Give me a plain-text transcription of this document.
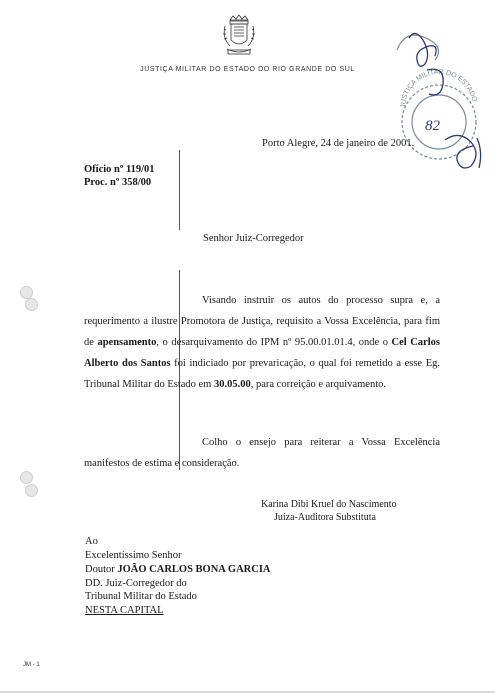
JUSTIÇA MILITAR DO ESTADO DO RIO GRANDE DO SUL
JUSTIÇA MILITAR DO ESTADO
82
Porto Alegre, 24 de janeiro de 2001.
Ofício nº 119/01
Proc. nº 358/00
Senhor Juiz-Corregedor
Visando instruir os autos do processo supra e, a requerimento a ilustre Promotora de Justiça, requisito a Vossa Excelência, para fim de apensamento, o desarquivamento do IPM nº 95.00.01.01.4, onde o Cel Carlos Alberto dos Santos foi indiciado por prevaricação, o qual foi remetido a esse Eg. Tribunal Militar do Estado em 30.05.00, para correição e arquivamento.
Colho o ensejo para reiterar a Vossa Excelência manifestos de estima e consideração.
Karina Dibi Kruel do Nascimento
Juíza-Auditora Substituta
Ao
Excelentíssimo Senhor
Doutor JOÃO CARLOS BONA GARCIA
DD. Juiz-Corregedor do
Tribunal Militar do Estado
NESTA CAPITAL
JM - 1
